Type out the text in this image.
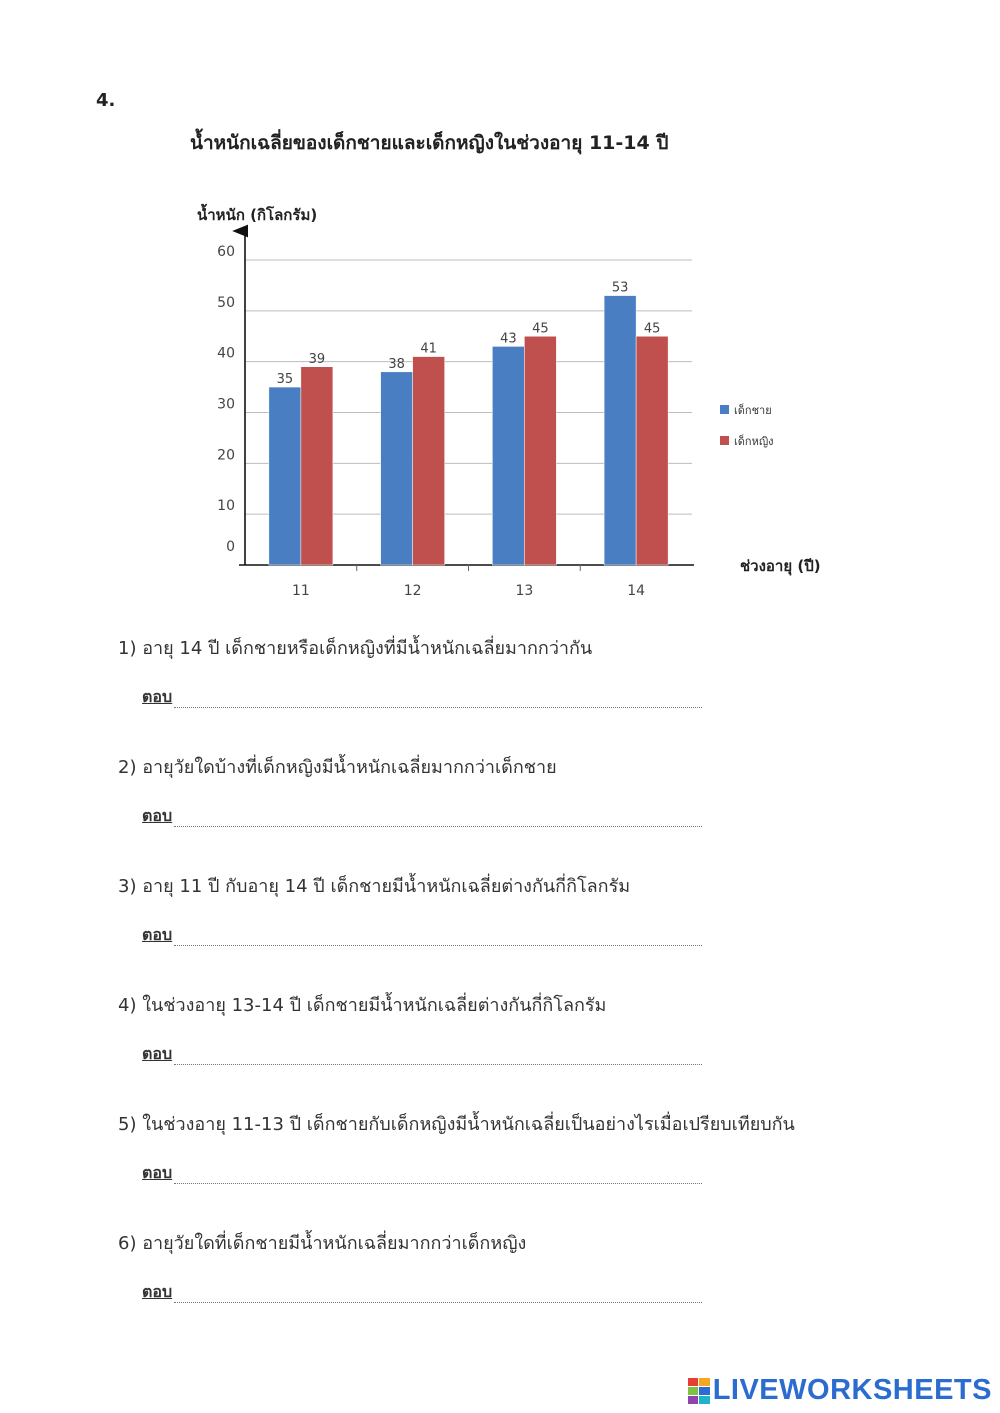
4.
น้ำหนักเฉลี่ยของเด็กชายและเด็กหญิงในช่วงอายุ 11-14 ปี
น้ำหนัก (กิโลกรัม)
ช่วงอายุ (ปี)
0
10
20
30
40
50
60
35
39
11
38
41
12
43
45
13
53
45
14
เด็กชาย
เด็กหญิง
1) อายุ 14 ปี เด็กชายหรือเด็กหญิงที่มีน้ำหนักเฉลี่ยมากกว่ากัน
ตอบ
2) อายุวัยใดบ้างที่เด็กหญิงมีน้ำหนักเฉลี่ยมากกว่าเด็กชาย
ตอบ
3) อายุ 11 ปี กับอายุ 14 ปี เด็กชายมีน้ำหนักเฉลี่ยต่างกันกี่กิโลกรัม
ตอบ
4) ในช่วงอายุ 13-14 ปี เด็กชายมีน้ำหนักเฉลี่ยต่างกันกี่กิโลกรัม
ตอบ
5) ในช่วงอายุ 11-13 ปี เด็กชายกับเด็กหญิงมีน้ำหนักเฉลี่ยเป็นอย่างไรเมื่อเปรียบเทียบกัน
ตอบ
6) อายุวัยใดที่เด็กชายมีน้ำหนักเฉลี่ยมากกว่าเด็กหญิง
ตอบ
LIVEWORKSHEETS
